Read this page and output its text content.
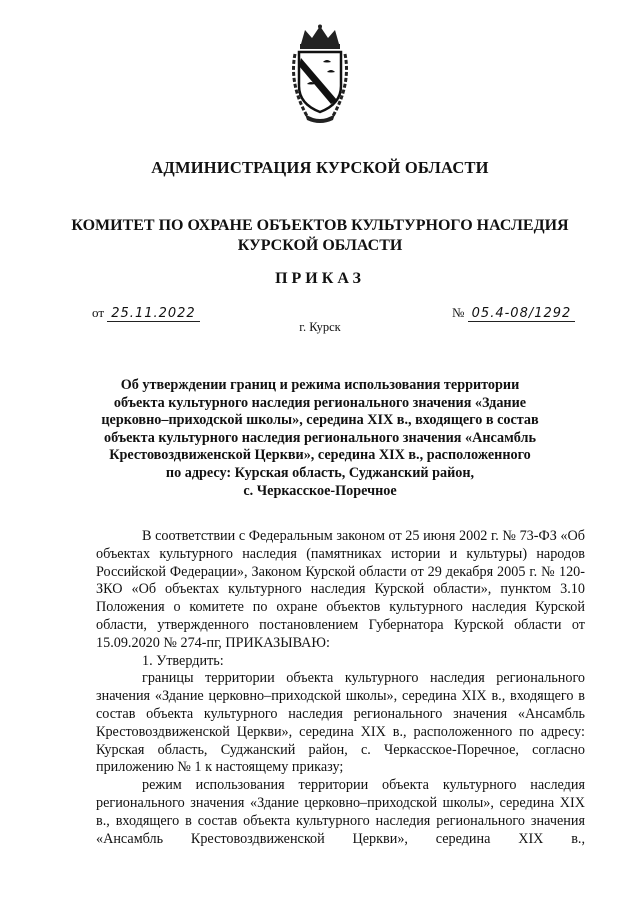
АДМИНИСТРАЦИЯ КУРСКОЙ ОБЛАСТИ
КОМИТЕТ ПО ОХРАНЕ ОБЪЕКТОВ КУЛЬТУРНОГО НАСЛЕДИЯ
КУРСКОЙ ОБЛАСТИ
ПРИКАЗ
от 25.11.2022	№ 05.4-08/1292
г. Курск
Об утверждении границ и режима использования территории
объекта культурного наследия регионального значения «Здание
церковно–приходской школы», середина XIX в., входящего в состав
объекта культурного наследия регионального значения «Ансамбль
Крестовоздвиженской Церкви», середина XIX в., расположенного
по адресу: Курская область, Суджанский район,
с. Черкасское-Поречное

В соответствии с Федеральным законом от 25 июня 2002 г. № 73-ФЗ «Об объектах культурного наследия (памятниках истории и культуры) народов Российской Федерации», Законом Курской области от 29 декабря 2005 г. № 120-ЗКО «Об объектах культурного наследия Курской области», пунктом 3.10 Положения о комитете по охране объектов культурного наследия Курской области, утвержденного постановлением Губернатора Курской области от 15.09.2020 № 274-пг, ПРИКАЗЫВАЮ:

1. Утвердить:

границы территории объекта культурного наследия регионального значения «Здание церковно–приходской школы», середина XIX в., входящего в состав объекта культурного наследия регионального значения «Ансамбль Крестовоздвиженской Церкви», середина XIX в., расположенного по адресу: Курская область, Суджанский район, с. Черкасское-Поречное, согласно приложению № 1 к настоящему приказу;

режим использования территории объекта культурного наследия регионального значения «Здание церковно–приходской школы», середина XIX в., входящего в состав объекта культурного наследия регионального значения «Ансамбль Крестовоздвиженской Церкви», середина XIX в.,
